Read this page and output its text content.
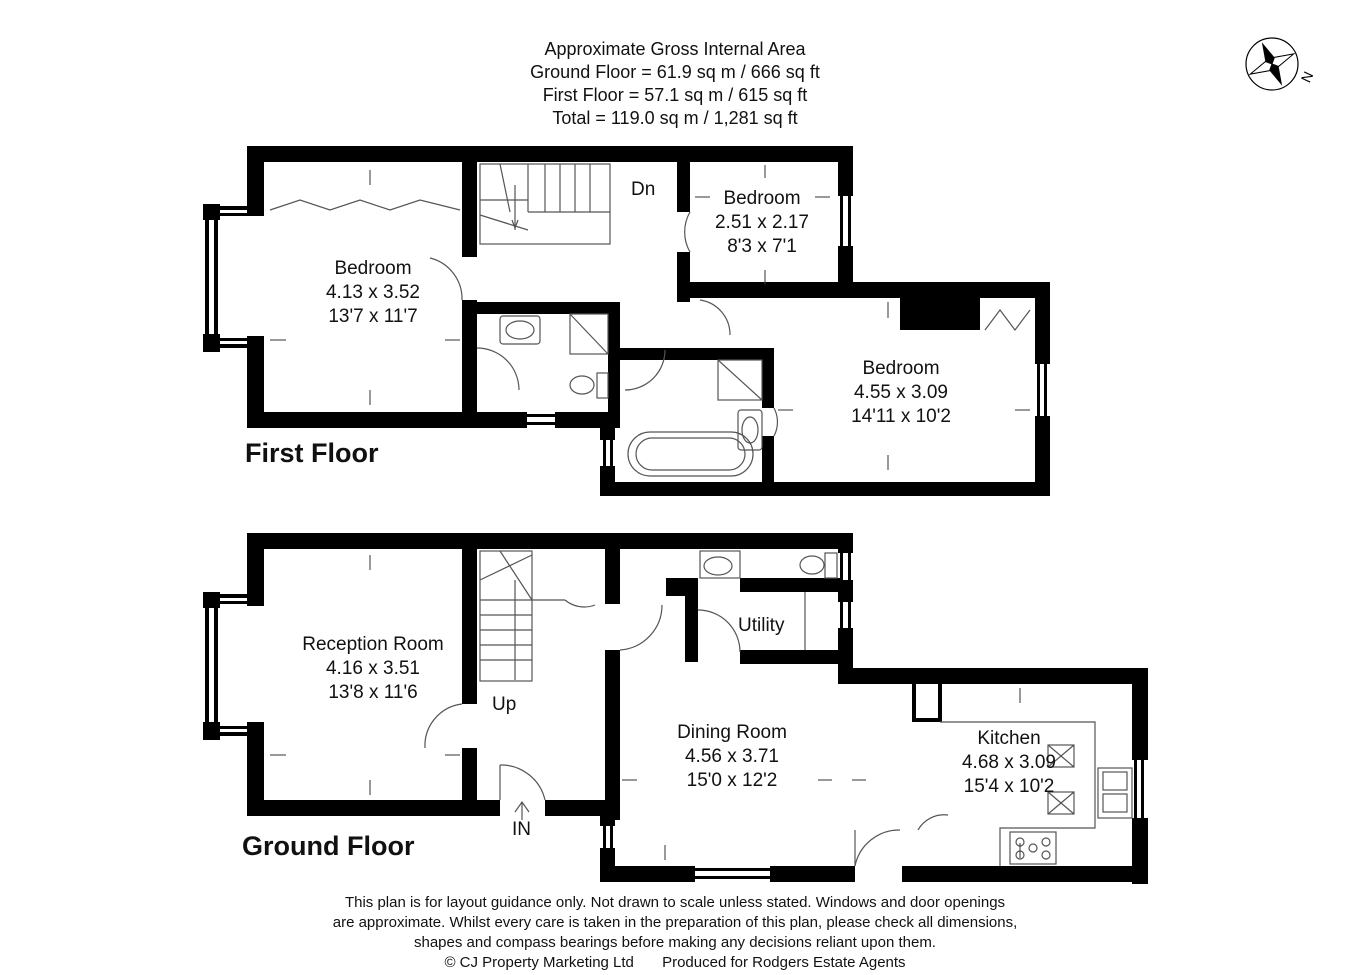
Approximate Gross Internal Area
Ground Floor = 61.9 sq m / 666 sq ft
First Floor = 57.1 sq m / 615 sq ft
Total = 119.0 sq m / 1,281 sq ft
N
First Floor
Ground Floor
Bedroom
4.13 x 3.52
13'7 x 11'7
Bedroom
2.51 x 2.17
8'3 x 7'1
Bedroom
4.55 x 3.09
14'11 x 10'2
Dn
Reception Room
4.16 x 3.51
13'8 x 11'6
Utility
Dining Room
4.56 x 3.71
15'0 x 12'2
Kitchen
4.68 x 3.09
15'4 x 10'2
Up
IN
This plan is for layout guidance only. Not drawn to scale unless stated. Windows and door openings
are approximate. Whilst every care is taken in the preparation of this plan, please check all dimensions,
shapes and compass bearings before making any decisions reliant upon them.
© CJ Property Marketing Ltd Produced for Rodgers Estate Agents
